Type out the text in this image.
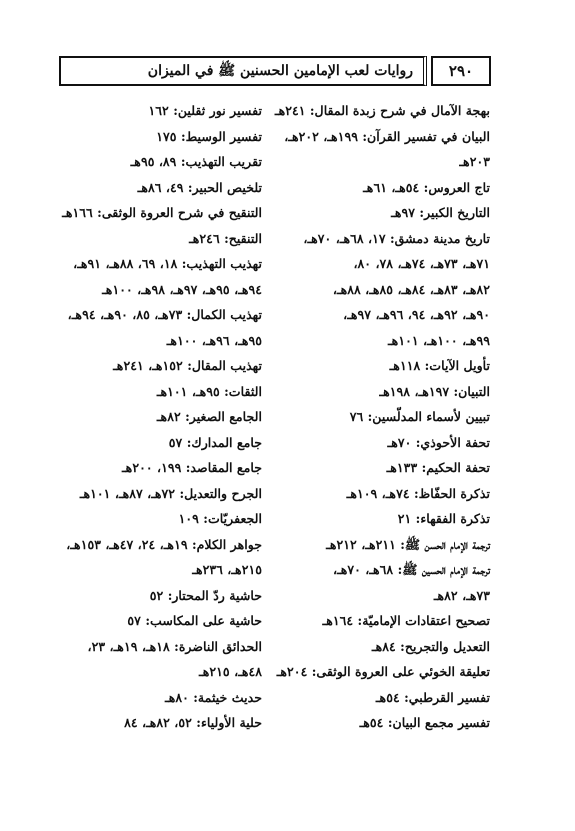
روايات لعب الإمامين الحسنين ﷺ في الميزان	٢٩٠
بهجة الآمال في شرح زبدة المقال: ٢٤١هـ
البيان في تفسير القرآن: ١٩٩هـ، ٢٠٢هـ،
٢٠٣هـ
تاج العروس: ٥٤هـ، ٦١هـ
التاريخ الكبير: ٩٧هـ
تاريخ مدينة دمشق: ١٧، ٦٨هـ، ٧٠هـ،
٧١هـ، ٧٣هـ، ٧٤هـ، ٧٨، ٨٠،
٨٢هـ، ٨٣هـ، ٨٤هـ، ٨٥هـ، ٨٨هـ،
٩٠هـ، ٩٢هـ، ٩٤، ٩٦هـ، ٩٧هـ،
٩٩هـ، ١٠٠هـ، ١٠١هـ
تأويل الآيات: ١١٨هـ
التبيان: ١٩٧هـ، ١٩٨هـ
تبيين لأسماء المدلّسين: ٧٦
تحفة الأحوذي: ٧٠هـ
تحفة الحكيم: ١٣٣هـ
تذكرة الحفّاظ: ٧٤هـ، ١٠٩هـ
تذكرة الفقهاء: ٢١
ترجمة الإمام الحسن ﷺ: ٢١١هـ، ٢١٢هـ
ترجمة الإمام الحسين ﷺ: ٦٨هـ، ٧٠هـ،
٧٣هـ، ٨٢هـ
تصحيح اعتقادات الإماميّة: ١٦٤هـ
التعديل والتجريح: ٨٤هـ
تعليقة الخوئي على العروة الوثقى: ٢٠٤هـ
تفسير القرطبي: ٥٤هـ
تفسير مجمع البيان: ٥٤هـ
تفسير نور ثقلين: ١٦٢
تفسير الوسيط: ١٧٥
تقريب التهذيب: ٨٩، ٩٥هـ
تلخيص الحبير: ٤٩، ٨٦هـ
التنقيح في شرح العروة الوثقى: ١٦٦هـ
التنقيح: ٢٤٦هـ
تهذيب التهذيب: ١٨، ٦٩، ٨٨هـ، ٩١هـ،
٩٤هـ، ٩٥هـ، ٩٧هـ، ٩٨هـ، ١٠٠هـ
تهذيب الكمال: ٧٣هـ، ٨٥، ٩٠هـ، ٩٤هـ،
٩٥هـ، ٩٦هـ، ١٠٠هـ
تهذيب المقال: ١٥٢هـ، ٢٤١هـ
الثقات: ٩٥هـ، ١٠١هـ
الجامع الصغير: ٨٢هـ
جامع المدارك: ٥٧
جامع المقاصد: ١٩٩، ٢٠٠هـ
الجرح والتعديل: ٧٢هـ، ٨٧هـ، ١٠١هـ
الجعفريّات: ١٠٩
جواهر الكلام: ١٩هـ، ٢٤، ٤٧هـ، ١٥٣هـ،
٢١٥هـ، ٢٣٦هـ
حاشية ردّ المحتار: ٥٢
حاشية على المكاسب: ٥٧
الحدائق الناضرة: ١٨هـ، ١٩هـ، ٢٣،
٤٨هـ، ٢١٥هـ
حديث خيثمة: ٨٠هـ
حلية الأولياء: ٥٢، ٨٢هـ، ٨٤
